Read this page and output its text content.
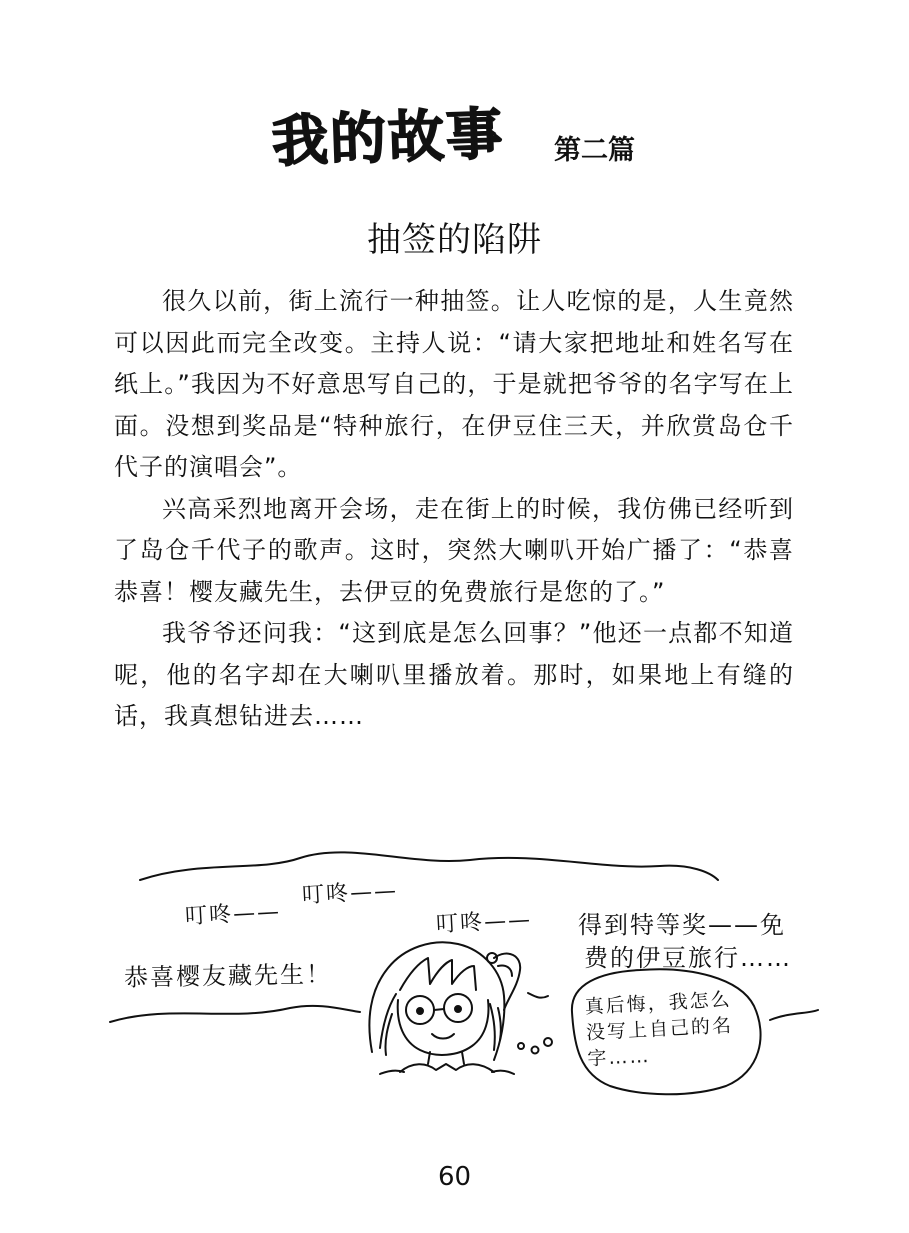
我的故事 第二篇
抽签的陷阱

很久以前，街上流行一种抽签。让人吃惊的是，人生竟然可以因此而完全改变。主持人说：“请大家把地址和姓名写在纸上。”我因为不好意思写自己的，于是就把爷爷的名字写在上面。没想到奖品是“特种旅行，在伊豆住三天，并欣赏岛仓千代子的演唱会”。

兴高采烈地离开会场，走在街上的时候，我仿佛已经听到了岛仓千代子的歌声。这时，突然大喇叭开始广播了：“恭喜恭喜！樱友藏先生，去伊豆的免费旅行是您的了。”

我爷爷还问我：“这到底是怎么回事？”他还一点都不知道呢，他的名字却在大喇叭里播放着。那时，如果地上有缝的话，我真想钻进去……

叮咚——
叮咚——
叮咚—— 得到特等奖——免
费的伊豆旅行……
恭喜樱友藏先生！
真后悔，我怎么没写上自己的名字……
60
